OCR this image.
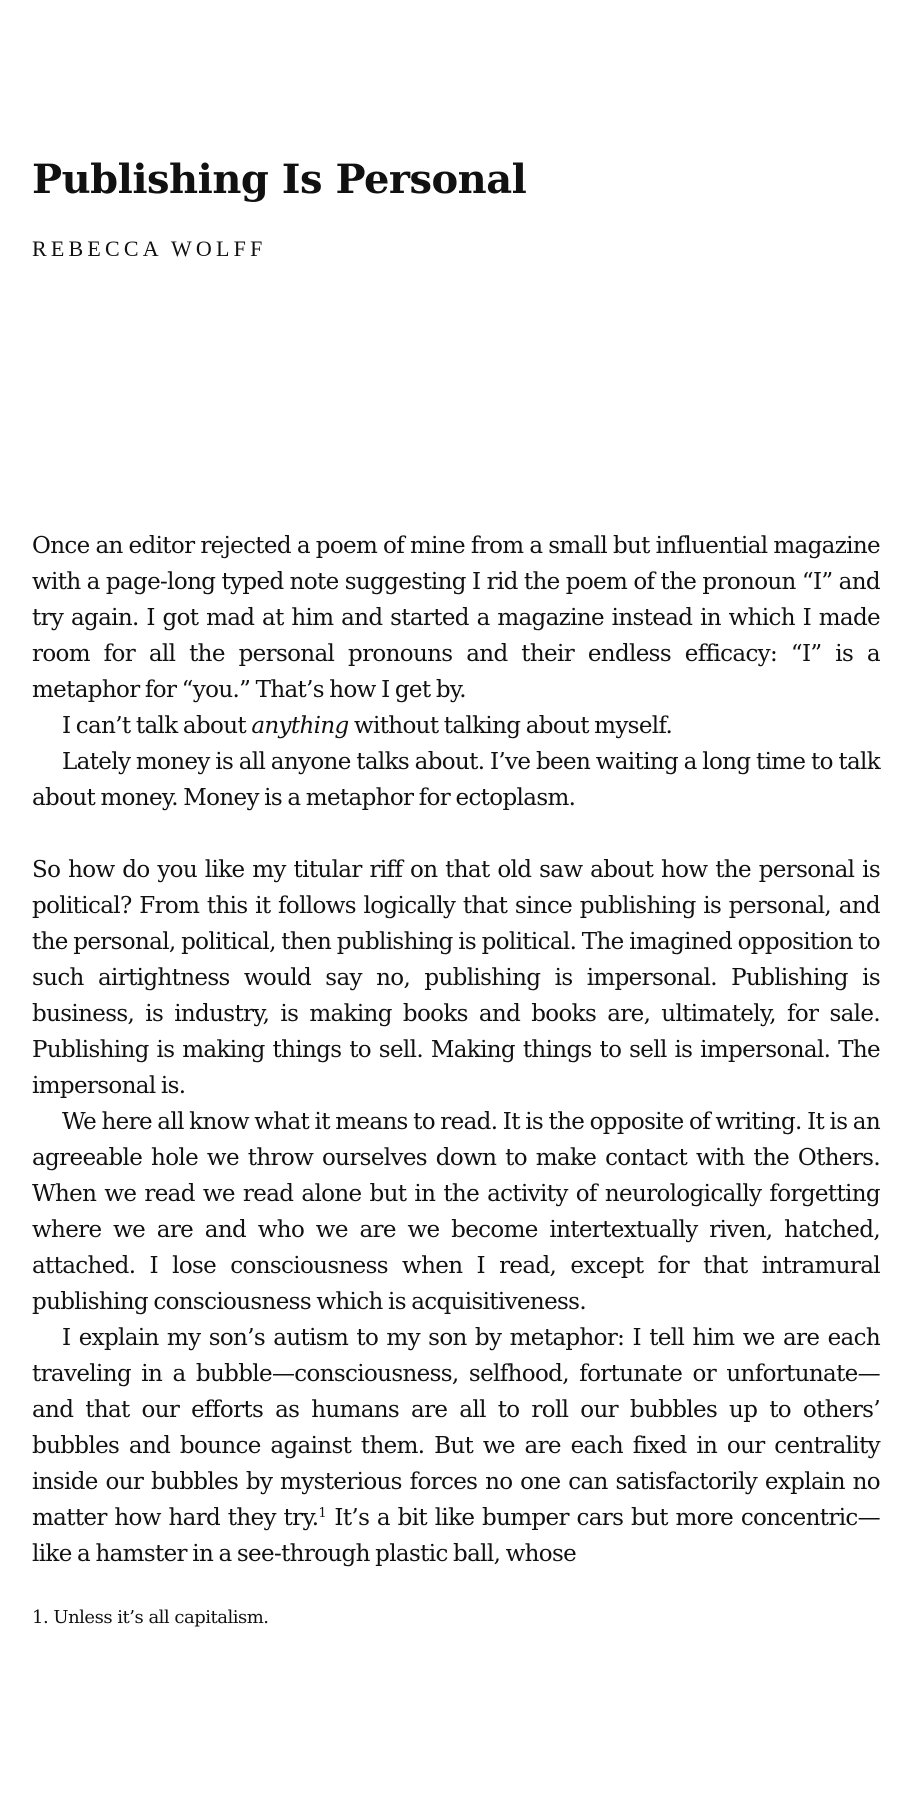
Publishing Is Personal
REBECCA WOLFF

Once an editor rejected a poem of mine from a small but influential magazine with a page-long typed note suggesting I rid the poem of the pronoun “I” and try again. I got mad at him and started a magazine instead in which I made room for all the personal pronouns and their endless efficacy: “I” is a metaphor for “you.” That’s how I get by.

I can’t talk about anything without talking about myself.

Lately money is all anyone talks about. I’ve been waiting a long time to talk about money. Money is a metaphor for ectoplasm.

So how do you like my titular riff on that old saw about how the personal is political? From this it follows logically that since publishing is personal, and the personal, political, then publishing is political. The imagined opposition to such airtightness would say no, publishing is impersonal. Publishing is business, is industry, is making books and books are, ultimately, for sale. Publishing is making things to sell. Making things to sell is impersonal. The impersonal is.

We here all know what it means to read. It is the opposite of writing. It is an agreeable hole we throw ourselves down to make contact with the Others. When we read we read alone but in the activity of neurologically forgetting where we are and who we are we become intertextually riven, hatched, attached. I lose consciousness when I read, except for that intramural publishing consciousness which is acquisitiveness.

I explain my son’s autism to my son by metaphor: I tell him we are each traveling in a bubble—consciousness, selfhood, fortunate or unfortunate—and that our efforts as humans are all to roll our bubbles up to others’ bubbles and bounce against them. But we are each fixed in our centrality inside our bubbles by mysterious forces no one can satisfactorily explain no matter how hard they try.$^1$ It’s a bit like bumper cars but more concentric—like a hamster in a see-through plastic ball, whose

1. Unless it’s all capitalism.
